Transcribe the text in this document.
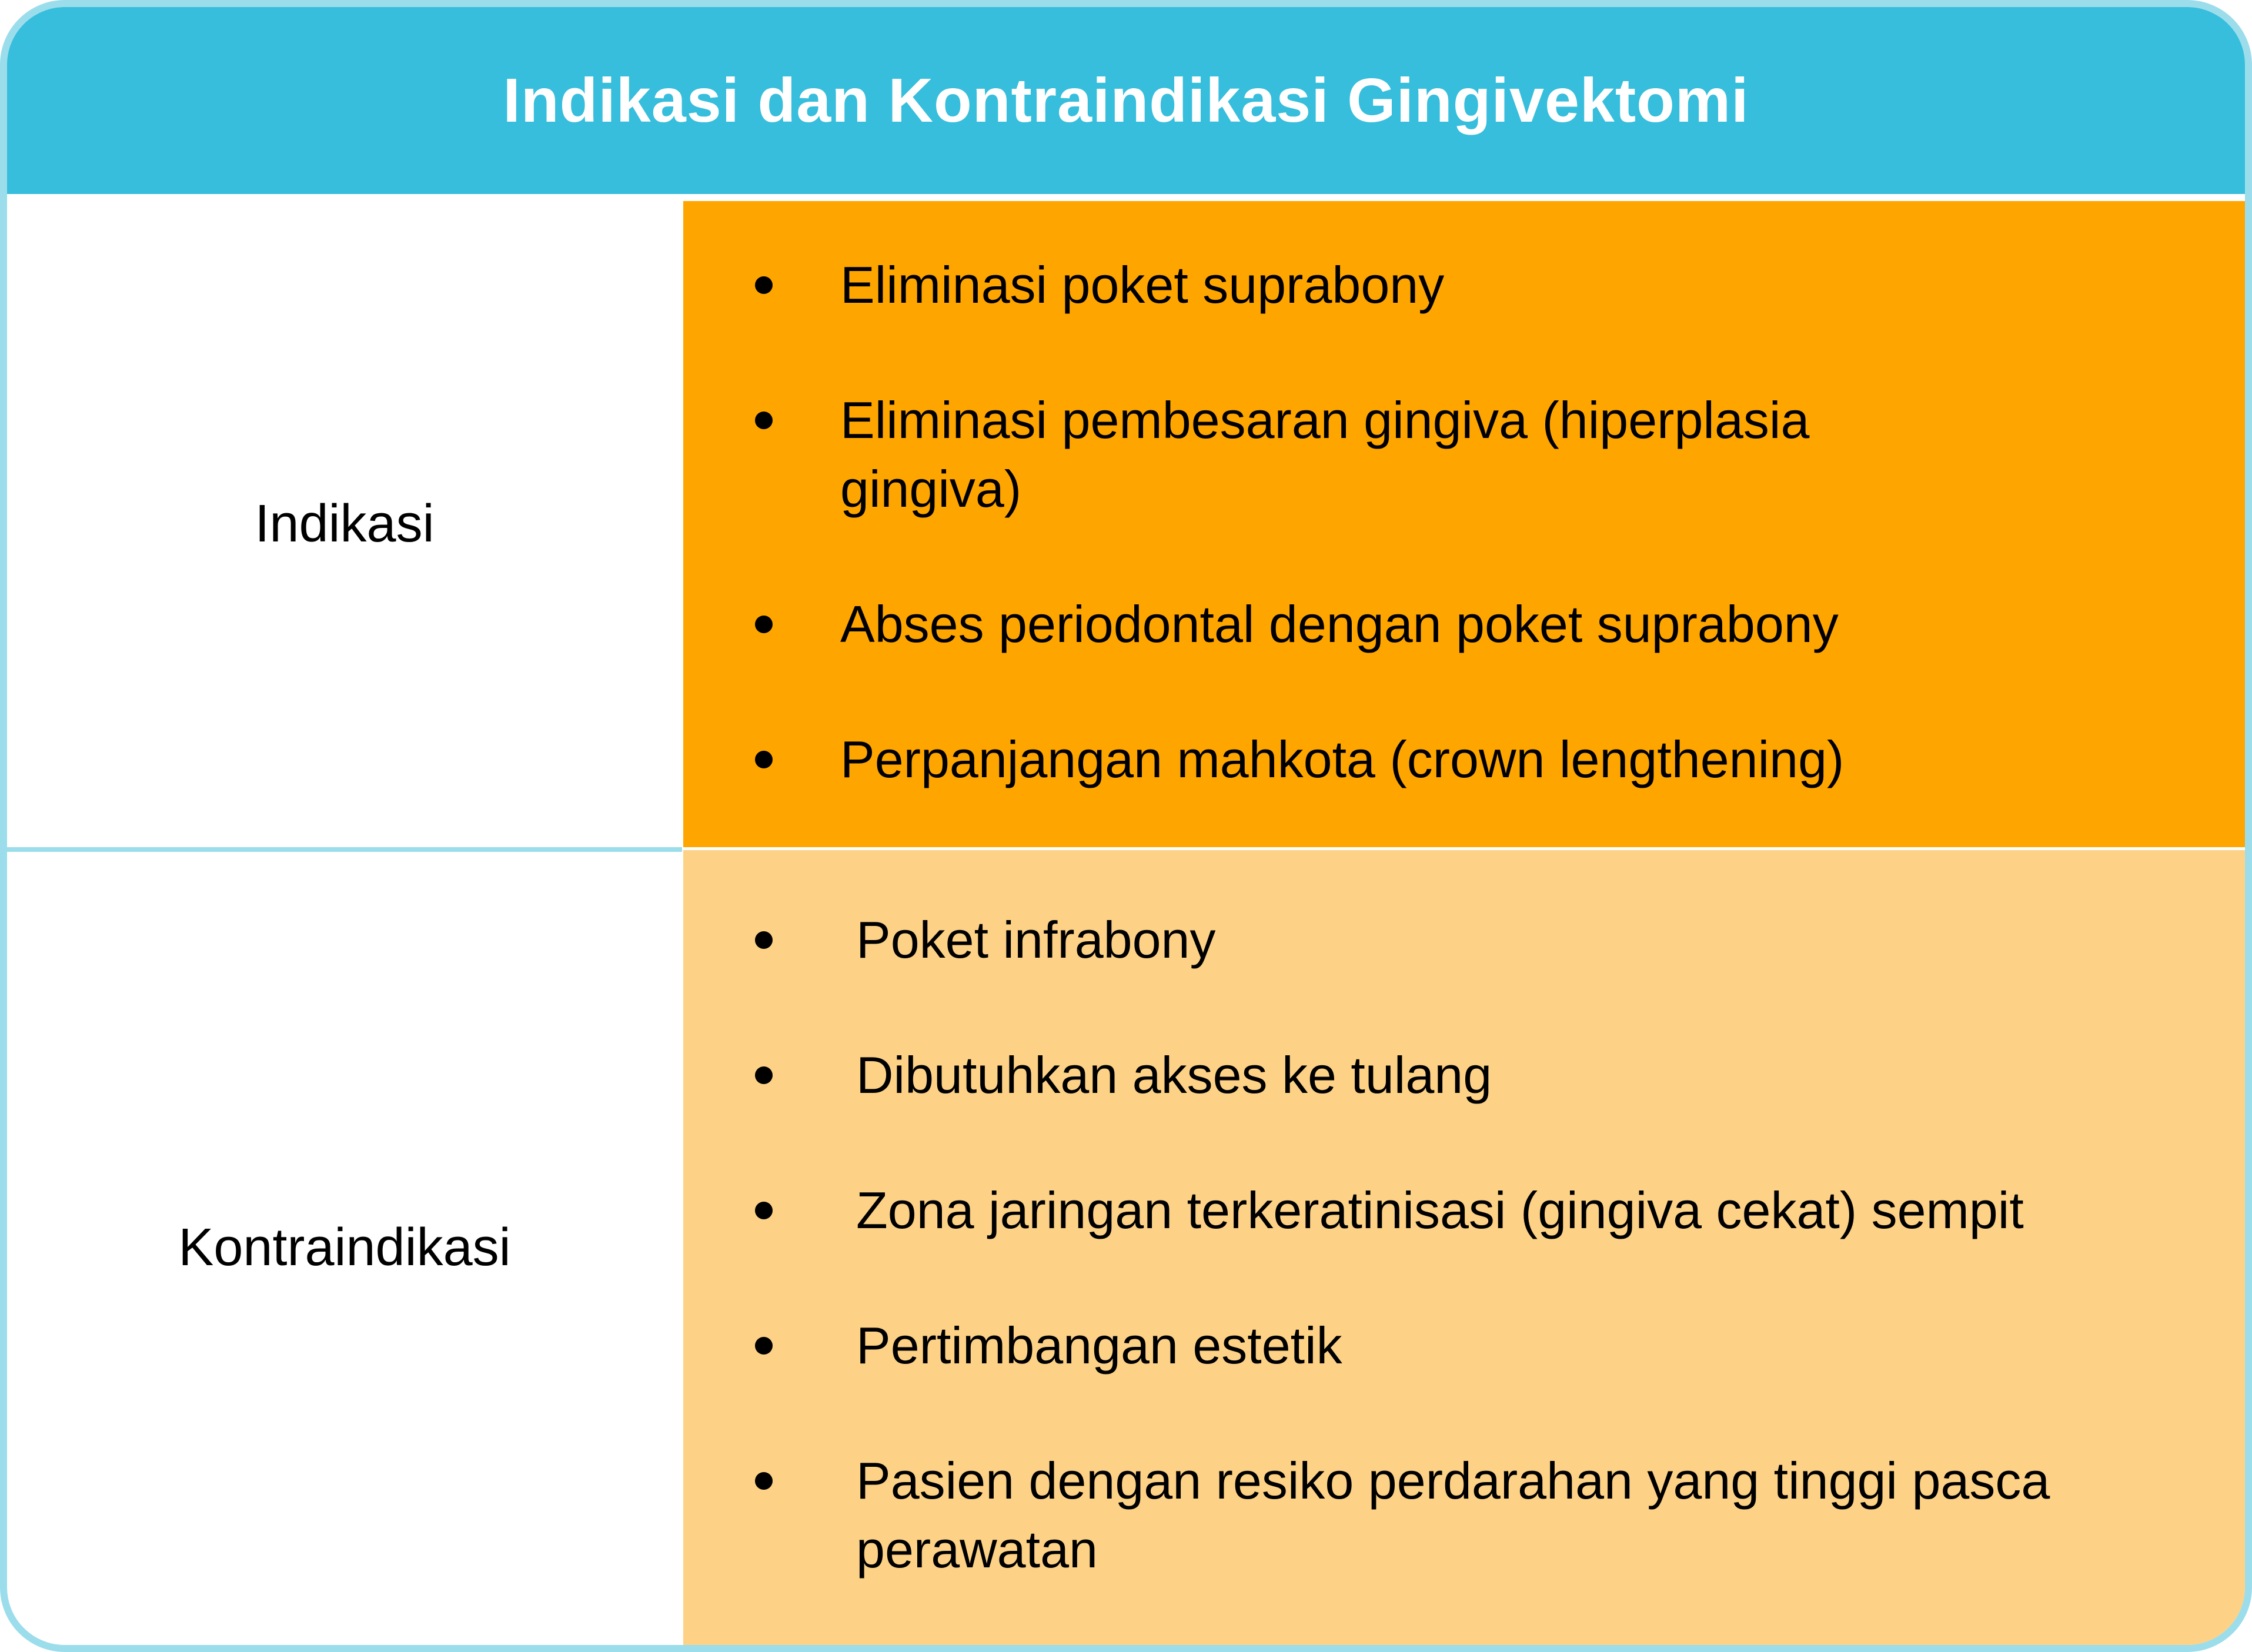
Indikasi dan Kontraindikasi Gingivektomi
Indikasi
Eliminasi poket suprabony
Eliminasi pembesaran gingiva (hiperplasia gingiva)
Abses periodontal dengan poket suprabony
Perpanjangan mahkota (crown lengthening)
Kontraindikasi
Poket infrabony
Dibutuhkan akses ke tulang
Zona jaringan terkeratinisasi (gingiva cekat) sempit
Pertimbangan estetik
Pasien dengan resiko perdarahan yang tinggi pasca perawatan
